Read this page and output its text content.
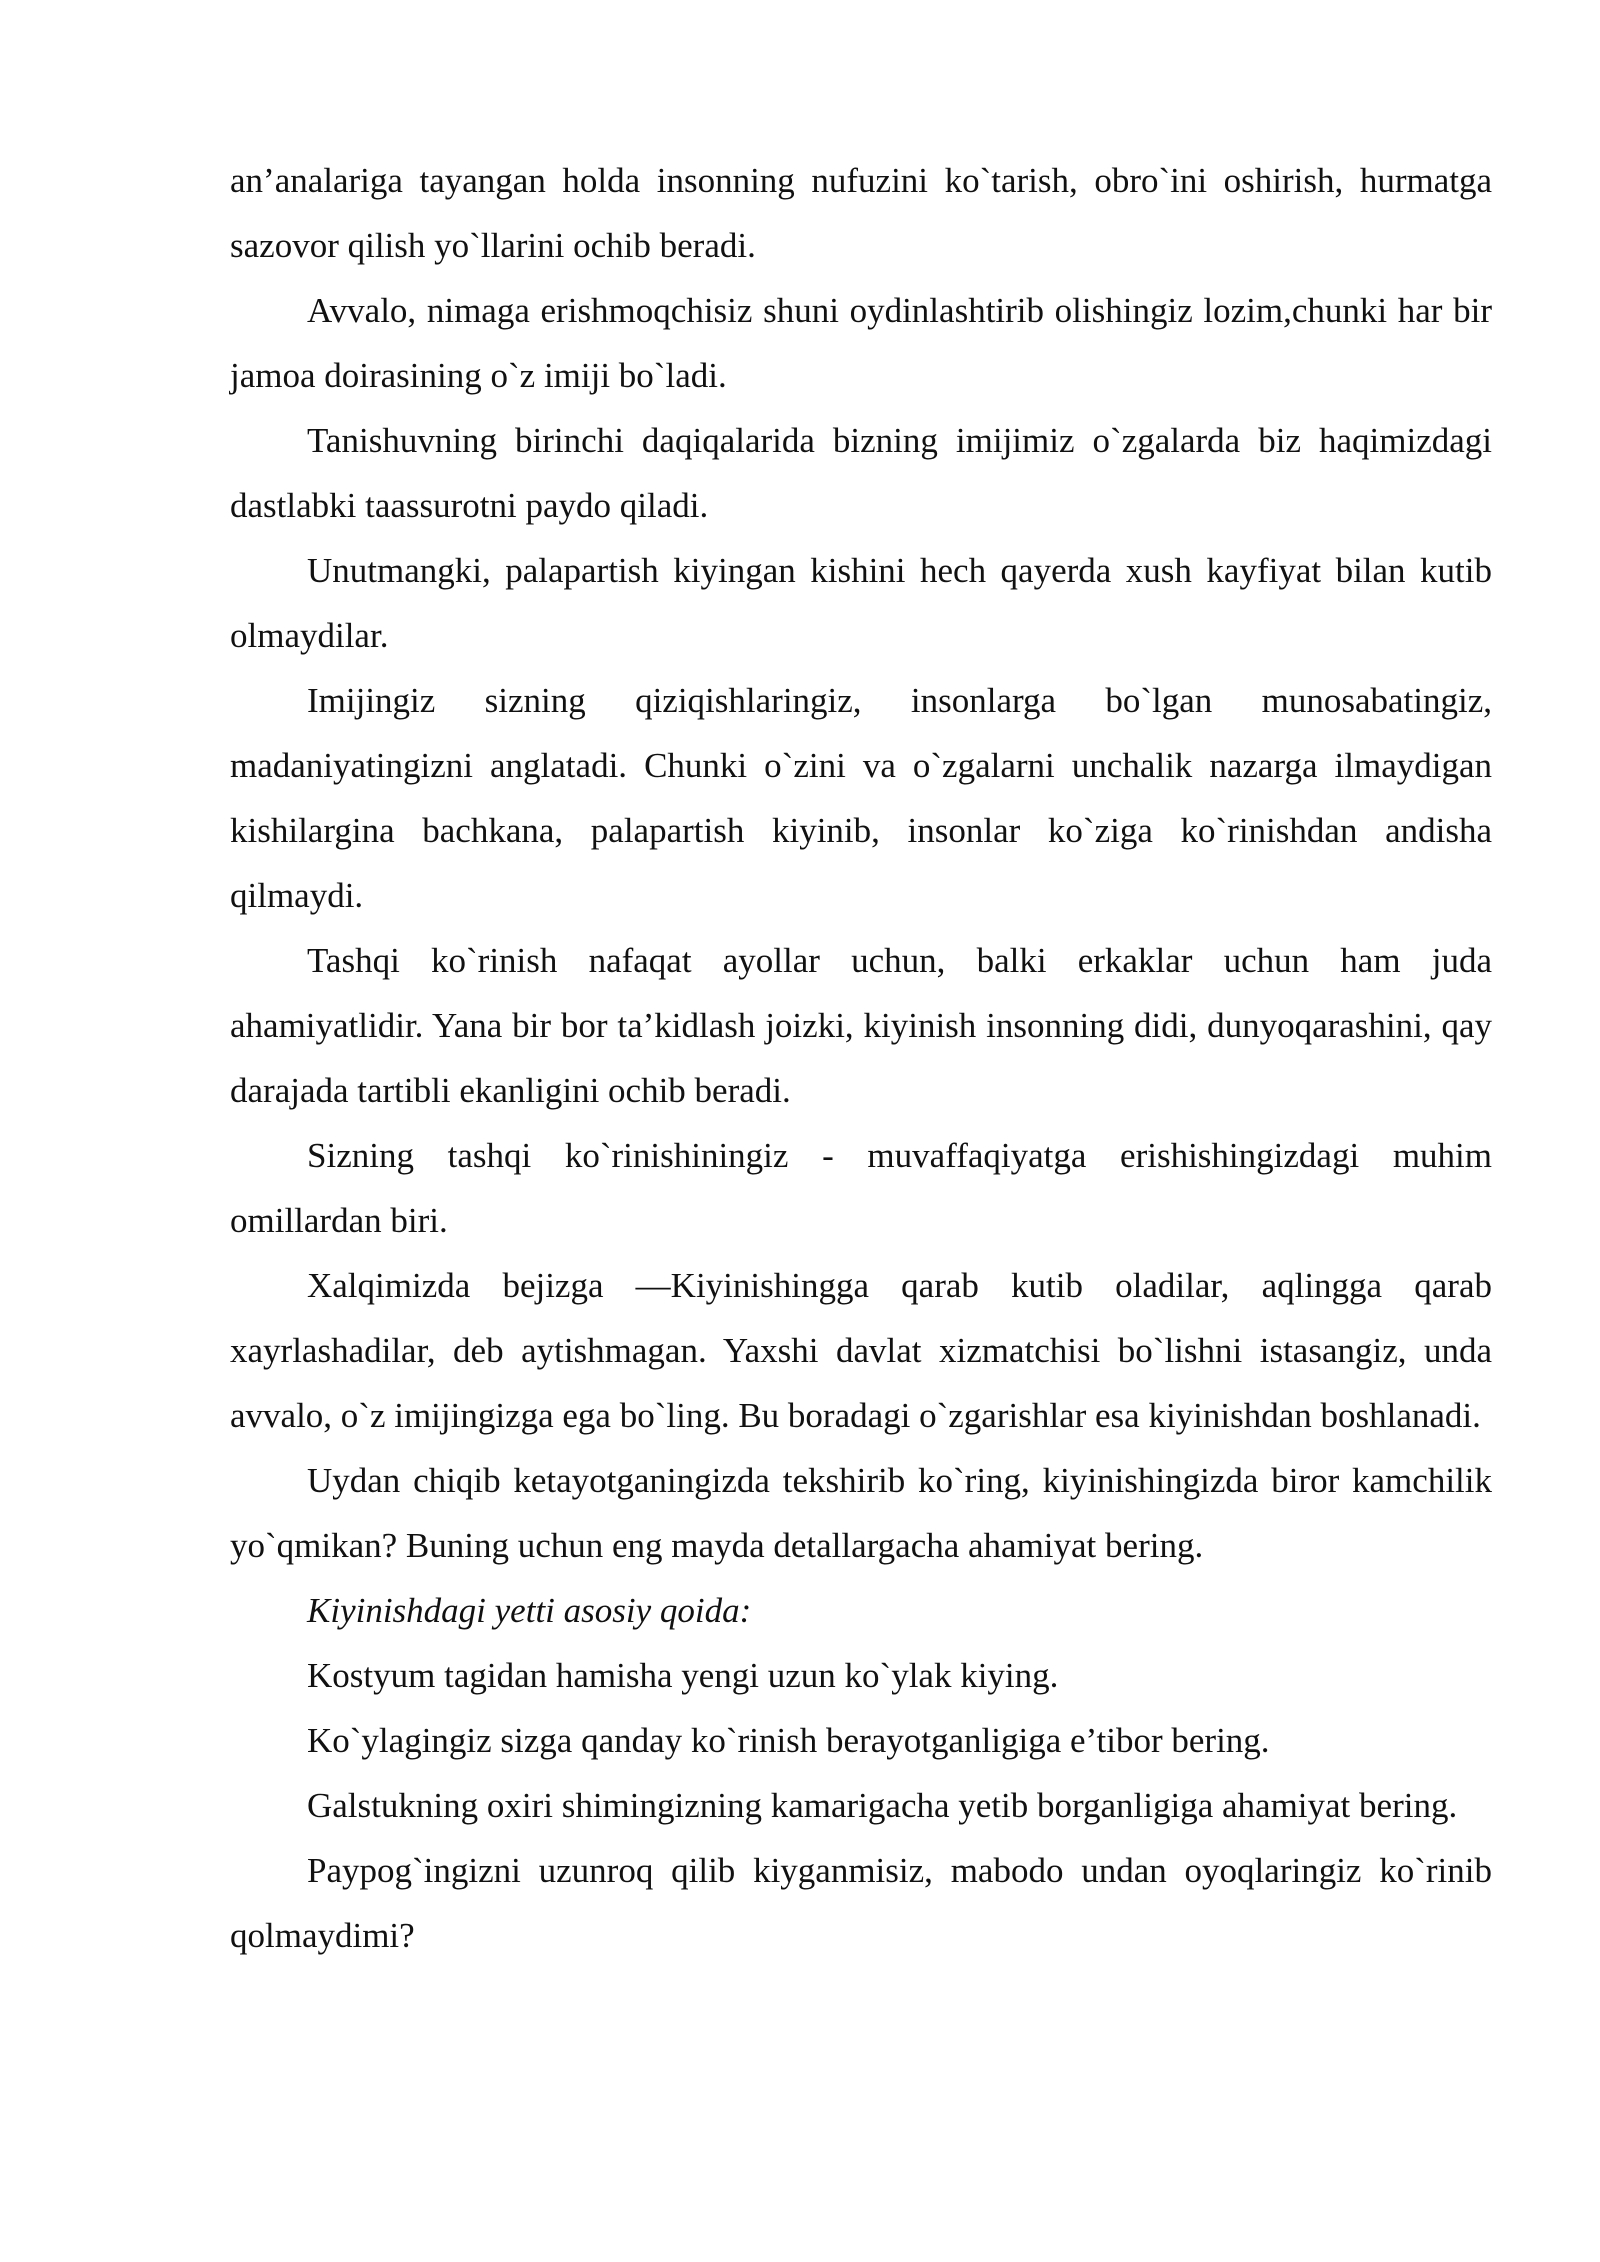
an’analariga tayangan holda insonning nufuzini ko`tarish, obro`ini oshirish, hurmatga sazovor qilish yo`llarini ochib beradi.

Avvalo, nimaga erishmoqchisiz shuni oydinlashtirib olishingiz lozim,chunki har bir jamoa doirasining o`z imiji bo`ladi.

Tanishuvning birinchi daqiqalarida bizning imijimiz o`zgalarda biz haqimizdagi dastlabki taassurotni paydo qiladi.

Unutmangki, palapartish kiyingan kishini hech qayerda xush kayfiyat bilan kutib olmaydilar.

Imijingiz sizning qiziqishlaringiz, insonlarga bo`lgan munosabatingiz, madaniyatingizni anglatadi. Chunki o`zini va o`zgalarni unchalik nazarga ilmaydigan kishilargina bachkana, palapartish kiyinib, insonlar ko`ziga ko`rinishdan andisha qilmaydi.

Tashqi ko`rinish nafaqat ayollar uchun, balki erkaklar uchun ham juda ahamiyatlidir. Yana bir bor ta’kidlash joizki, kiyinish insonning didi, dunyoqarashini, qay darajada tartibli ekanligini ochib beradi.

Sizning tashqi ko`rinishiningiz - muvaffaqiyatga erishishingizdagi muhim omillardan biri.

Xalqimizda bejizga ―Kiyinishingga qarab kutib oladilar, aqlingga qarab xayrlashadilar, deb aytishmagan. Yaxshi davlat xizmatchisi bo`lishni istasangiz, unda avvalo, o`z imijingizga ega bo`ling. Bu boradagi o`zgarishlar esa kiyinishdan boshlanadi.

Uydan chiqib ketayotganingizda tekshirib ko`ring, kiyinishingizda biror kamchilik yo`qmikan? Buning uchun eng mayda detallargacha ahamiyat bering.

Kiyinishdagi yetti asosiy qoida:

Kostyum tagidan hamisha yengi uzun ko`ylak kiying.

Ko`ylagingiz sizga qanday ko`rinish berayotganligiga e’tibor bering.

Galstukning oxiri shimingizning kamarigacha yetib borganligiga ahamiyat bering.

Paypog`ingizni uzunroq qilib kiyganmisiz, mabodo undan oyoqlaringiz ko`rinib qolmaydimi?
